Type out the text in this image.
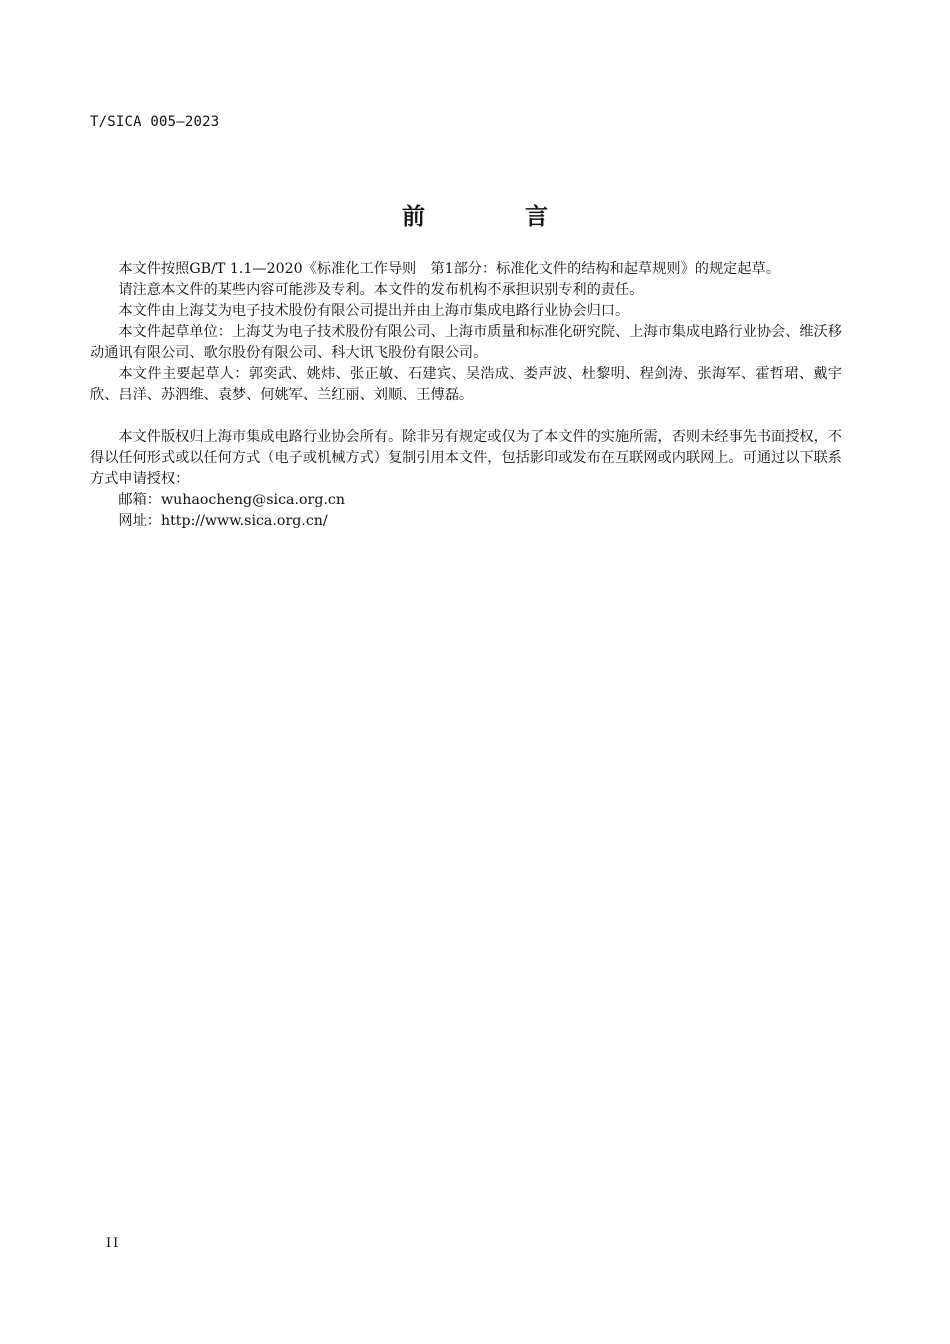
T/SICA 005—2023
前 言

本文件按照GB/T 1.1—2020《标准化工作导则　第1部分：标准化文件的结构和起草规则》的规定起草。

请注意本文件的某些内容可能涉及专利。本文件的发布机构不承担识别专利的责任。

本文件由上海艾为电子技术股份有限公司提出并由上海市集成电路行业协会归口。

本文件起草单位：上海艾为电子技术股份有限公司、上海市质量和标准化研究院、上海市集成电路行业协会、维沃移动通讯有限公司、歌尔股份有限公司、科大讯飞股份有限公司。

本文件主要起草人：郭奕武、姚炜、张正敏、石建宾、吴浩成、娄声波、杜黎明、程剑涛、张海军、霍哲珺、戴宇欣、吕洋、苏泗维、袁梦、何姚军、兰红丽、刘顺、王傅磊。

本文件版权归上海市集成电路行业协会所有。除非另有规定或仅为了本文件的实施所需，否则未经事先书面授权，不得以任何形式或以任何方式（电子或机械方式）复制引用本文件，包括影印或发布在互联网或内联网上。可通过以下联系方式申请授权：

邮箱：wuhaocheng@sica.org.cn

网址：http://www.sica.org.cn/

II
